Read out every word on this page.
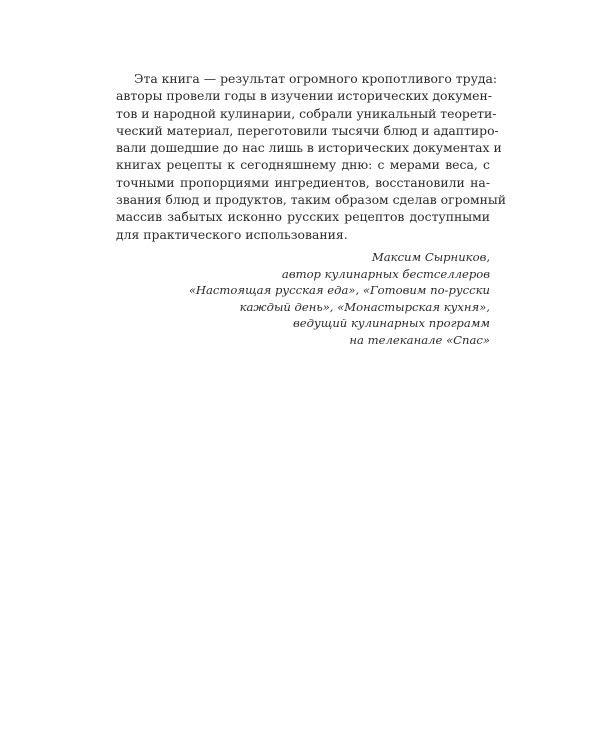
Эта книга — результат огромного кропотливого труда:
авторы провели годы в изучении исторических докумен-
тов и народной кулинарии, собрали уникальный теорети-
ческий материал, переготовили тысячи блюд и адаптиро-
вали дошедшие до нас лишь в исторических документах и
книгах рецепты к сегодняшнему дню: с мерами веса, с
точными пропорциями ингредиентов, восстановили на-
звания блюд и продуктов, таким образом сделав огромный
массив забытых исконно русских рецептов доступными
для практического использования.

Максим Сырников,
автор кулинарных бестселлеров
«Настоящая русская еда», «Готовим по-русски
каждый день», «Монастырская кухня»,
ведущий кулинарных программ
на телеканале «Спас»
